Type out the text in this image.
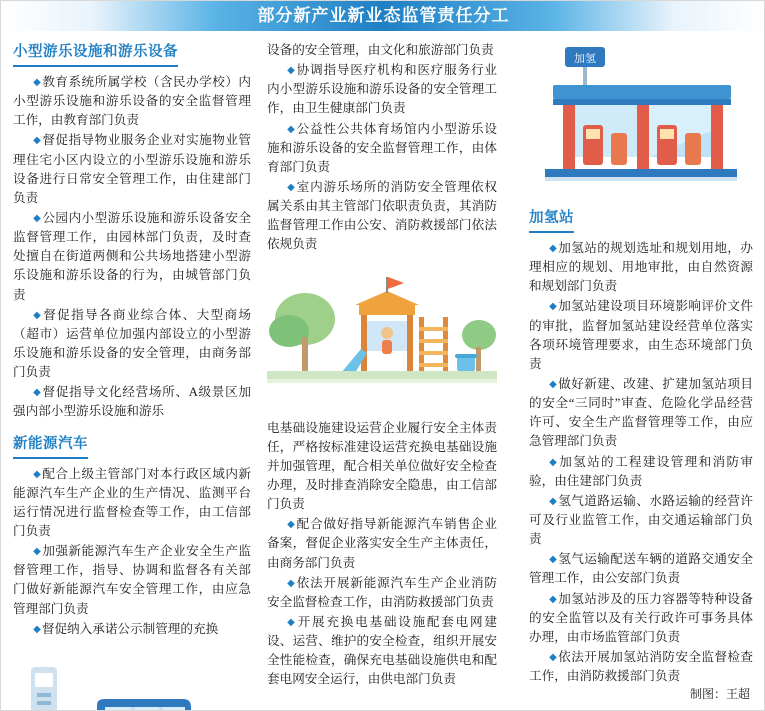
部分新产业新业态监管责任分工
小型游乐设施和游乐设备

◆教育系统所属学校（含民办学校）内小型游乐设施和游乐设备的安全监督管理工作，由教育部门负责

◆督促指导物业服务企业对实施物业管理住宅小区内设立的小型游乐设施和游乐设备进行日常安全管理工作，由住建部门负责

◆公园内小型游乐设施和游乐设备安全监督管理工作，由园林部门负责，及时查处擅自在街道两侧和公共场地搭建小型游乐设施和游乐设备的行为，由城管部门负责

◆督促指导各商业综合体、大型商场（超市）运营单位加强内部设立的小型游乐设施和游乐设备的安全管理，由商务部门负责

◆督促指导文化经营场所、A级景区加强内部小型游乐设施和游乐

新能源汽车

◆配合上级主管部门对本行政区域内新能源汽车生产企业的生产情况、监测平台运行情况进行监督检查等工作，由工信部门负责

◆加强新能源汽车生产企业安全生产监督管理工作，指导、协调和监督各有关部门做好新能源汽车安全管理工作，由应急管理部门负责

◆督促纳入承诺公示制管理的充换

设备的安全管理，由文化和旅游部门负责

◆协调指导医疗机构和医疗服务行业内小型游乐设施和游乐设备的安全管理工作，由卫生健康部门负责

◆公益性公共体育场馆内小型游乐设施和游乐设备的安全监督管理工作，由体育部门负责

◆室内游乐场所的消防安全管理依权属关系由其主管部门依职责负责，其消防监督管理工作由公安、消防救援部门依法依规负责

电基础设施建设运营企业履行安全主体责任，严格按标准建设运营充换电基础设施并加强管理，配合相关单位做好安全检查办理，及时排查消除安全隐患，由工信部门负责

◆配合做好指导新能源汽车销售企业备案，督促企业落实安全生产主体责任，由商务部门负责

◆依法开展新能源汽车生产企业消防安全监督检查工作，由消防救援部门负责

◆开展充换电基础设施配套电网建设、运营、维护的安全检查，组织开展安全性能检查，确保充电基础设施供电和配套电网安全运行，由供电部门负责

加氢
加氢站

◆加氢站的规划选址和规划用地，办理相应的规划、用地审批，由自然资源和规划部门负责

◆加氢站建设项目环境影响评价文件的审批，监督加氢站建设经营单位落实各项环境管理要求，由生态环境部门负责

◆做好新建、改建、扩建加氢站项目的安全“三同时”审查、危险化学品经营许可、安全生产监督管理等工作，由应急管理部门负责

◆加氢站的工程建设管理和消防审验，由住建部门负责

◆氢气道路运输、水路运输的经营许可及行业监管工作，由交通运输部门负责

◆氢气运输配送车辆的道路交通安全管理工作，由公安部门负责

◆加氢站涉及的压力容器等特种设备的安全监管以及有关行政许可事务具体办理，由市场监管部门负责

◆依法开展加氢站消防安全监督检查工作，由消防救援部门负责

制图：王超
